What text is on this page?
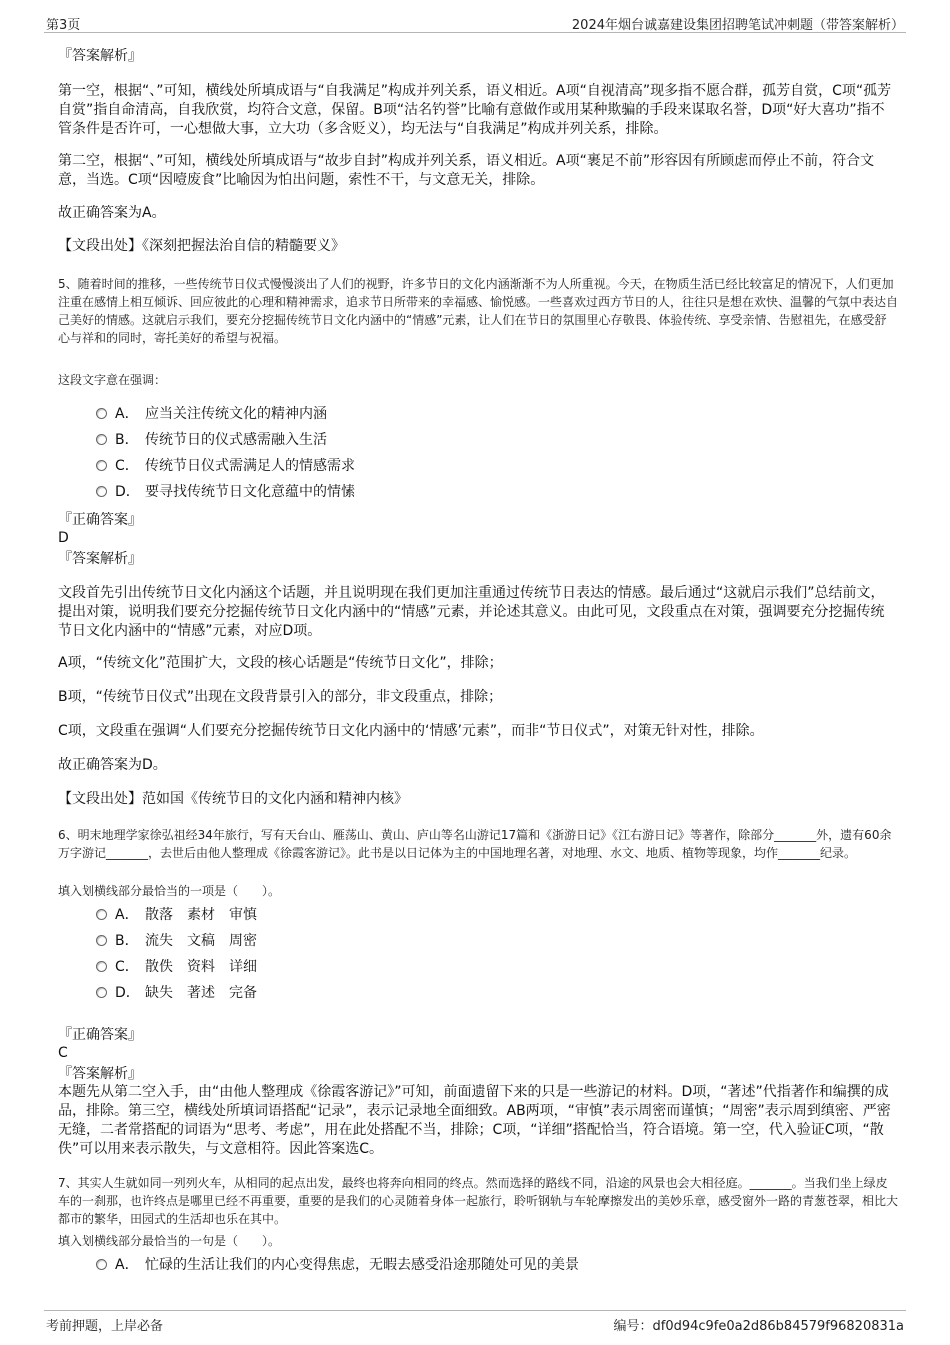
第3页	2024年烟台诚嘉建设集团招聘笔试冲刺题（带答案解析）
『答案解析』
第一空，根据“、”可知，横线处所填成语与“自我满足”构成并列关系，语义相近。A项“自视清高”现多指不愿合群，孤芳自赏，C项“孤芳自赏”指自命清高，自我欣赏，均符合文意，保留。B项“沽名钓誉”比喻有意做作或用某种欺骗的手段来谋取名誉，D项“好大喜功”指不管条件是否许可，一心想做大事，立大功（多含贬义），均无法与“自我满足”构成并列关系，排除。
第二空，根据“、”可知，横线处所填成语与“故步自封”构成并列关系，语义相近。A项“裹足不前”形容因有所顾虑而停止不前，符合文意，当选。C项“因噎废食”比喻因为怕出问题，索性不干，与文意无关，排除。
故正确答案为A。
【文段出处】《深刻把握法治自信的精髓要义》
5、随着时间的推移，一些传统节日仪式慢慢淡出了人们的视野，许多节日的文化内涵渐渐不为人所重视。今天，在物质生活已经比较富足的情况下，人们更加注重在感情上相互倾诉、回应彼此的心理和精神需求，追求节日所带来的幸福感、愉悦感。一些喜欢过西方节日的人，往往只是想在欢快、温馨的气氛中表达自己美好的情感。这就启示我们，要充分挖掘传统节日文化内涵中的“情感”元素，让人们在节日的氛围里心存敬畏、体验传统、享受亲情、告慰祖先，在感受舒心与祥和的同时，寄托美好的希望与祝福。
这段文字意在强调：
A． 应当关注传统文化的精神内涵
B． 传统节日的仪式感需融入生活
C． 传统节日仪式需满足人的情感需求
D． 要寻找传统节日文化意蕴中的情愫
『正确答案』
D
『答案解析』
文段首先引出传统节日文化内涵这个话题，并且说明现在我们更加注重通过传统节日表达的情感。最后通过“这就启示我们”总结前文，提出对策，说明我们要充分挖掘传统节日文化内涵中的“情感”元素，并论述其意义。由此可见，文段重点在对策，强调要充分挖掘传统节日文化内涵中的“情感”元素，对应D项。
A项，“传统文化”范围扩大，文段的核心话题是“传统节日文化”，排除；
B项，“传统节日仪式”出现在文段背景引入的部分，非文段重点，排除；
C项，文段重在强调“人们要充分挖掘传统节日文化内涵中的‘情感’元素”，而非“节日仪式”，对策无针对性，排除。
故正确答案为D。
【文段出处】范如国《传统节日的文化内涵和精神内核》
6、明末地理学家徐弘祖经34年旅行，写有天台山、雁荡山、黄山、庐山等名山游记17篇和《浙游日记》《江右游日记》等著作，除部分_______外，遗有60余万字游记_______，去世后由他人整理成《徐霞客游记》。此书是以日记体为主的中国地理名著，对地理、水文、地质、植物等现象，均作_______纪录。
填入划横线部分最恰当的一项是（　　）。
A． 散落　素材　审慎
B． 流失　文稿　周密
C． 散佚　资料　详细
D． 缺失　著述　完备
『正确答案』
C
『答案解析』
本题先从第二空入手，由“由他人整理成《徐霞客游记》”可知，前面遗留下来的只是一些游记的材料。D项，“著述”代指著作和编撰的成品，排除。第三空，横线处所填词语搭配“记录”，表示记录地全面细致。AB两项，“审慎”表示周密而谨慎；“周密”表示周到缜密、严密无缝，二者常搭配的词语为“思考、考虑”，用在此处搭配不当，排除；C项，“详细”搭配恰当，符合语境。第一空，代入验证C项，“散佚”可以用来表示散失，与文意相符。因此答案选C。
7、其实人生就如同一列列火车，从相同的起点出发，最终也将奔向相同的终点。然而选择的路线不同，沿途的风景也会大相径庭。_______。当我们坐上绿皮车的一刹那，也许终点是哪里已经不再重要，重要的是我们的心灵随着身体一起旅行，聆听钢轨与车轮摩擦发出的美妙乐章，感受窗外一路的青葱苍翠，相比大都市的繁华，田园式的生活却也乐在其中。
填入划横线部分最恰当的一句是（　　）。
A． 忙碌的生活让我们的内心变得焦虑，无暇去感受沿途那随处可见的美景
考前押题，上岸必备	编号：df0d94c9fe0a2d86b84579f96820831a
